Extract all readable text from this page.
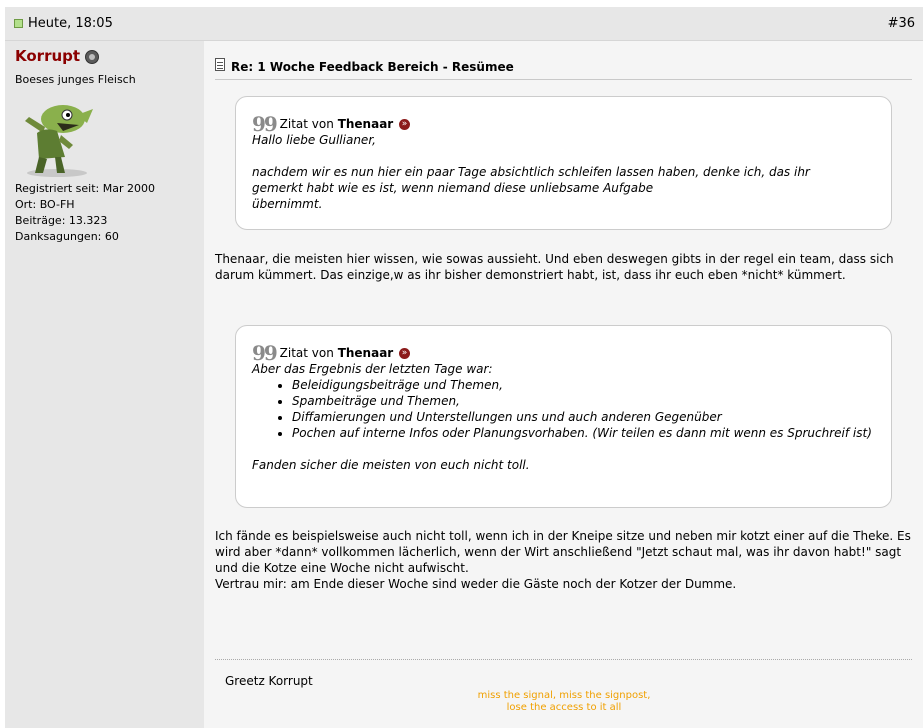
Heute, 18:05	#36
Korrupt
Boeses junges Fleisch
Registriert seit: Mar 2000
Ort: BO-FH
Beiträge: 13.323
Danksagungen: 60
Re: 1 Woche Feedback Bereich - Resümee
99 Zitat von Thenaar »

Hallo liebe Gullianer,

nachdem wir es nun hier ein paar Tage absichtlich schleifen lassen haben, denke ich, das ihr

gemerkt habt wie es ist, wenn niemand diese unliebsame Aufgabe

übernimmt.

Thenaar, die meisten hier wissen, wie sowas aussieht. Und eben deswegen gibts in der regel ein team, dass sich darum kümmert. Das einzige,w as ihr bisher demonstriert habt, ist, dass ihr euch eben *nicht* kümmert.
99 Zitat von Thenaar »

Aber das Ergebnis der letzten Tage war:

• Beleidigungsbeiträge und Themen,
• Spambeiträge und Themen,
• Diffamierungen und Unterstellungen uns und auch anderen Gegenüber
• Pochen auf interne Infos oder Planungsvorhaben. (Wir teilen es dann mit wenn es Spruchreif ist)

Fanden sicher die meisten von euch nicht toll.

Ich fände es beispielsweise auch nicht toll, wenn ich in der Kneipe sitze und neben mir kotzt einer auf die Theke. Es wird aber *dann* vollkommen lächerlich, wenn der Wirt anschließend "Jetzt schaut mal, was ihr davon habt!" sagt und die Kotze eine Woche nicht aufwischt.

Vertrau mir: am Ende dieser Woche sind weder die Gäste noch der Kotzer der Dumme.

Greetz Korrupt
miss the signal, miss the signpost,
lose the access to it all
